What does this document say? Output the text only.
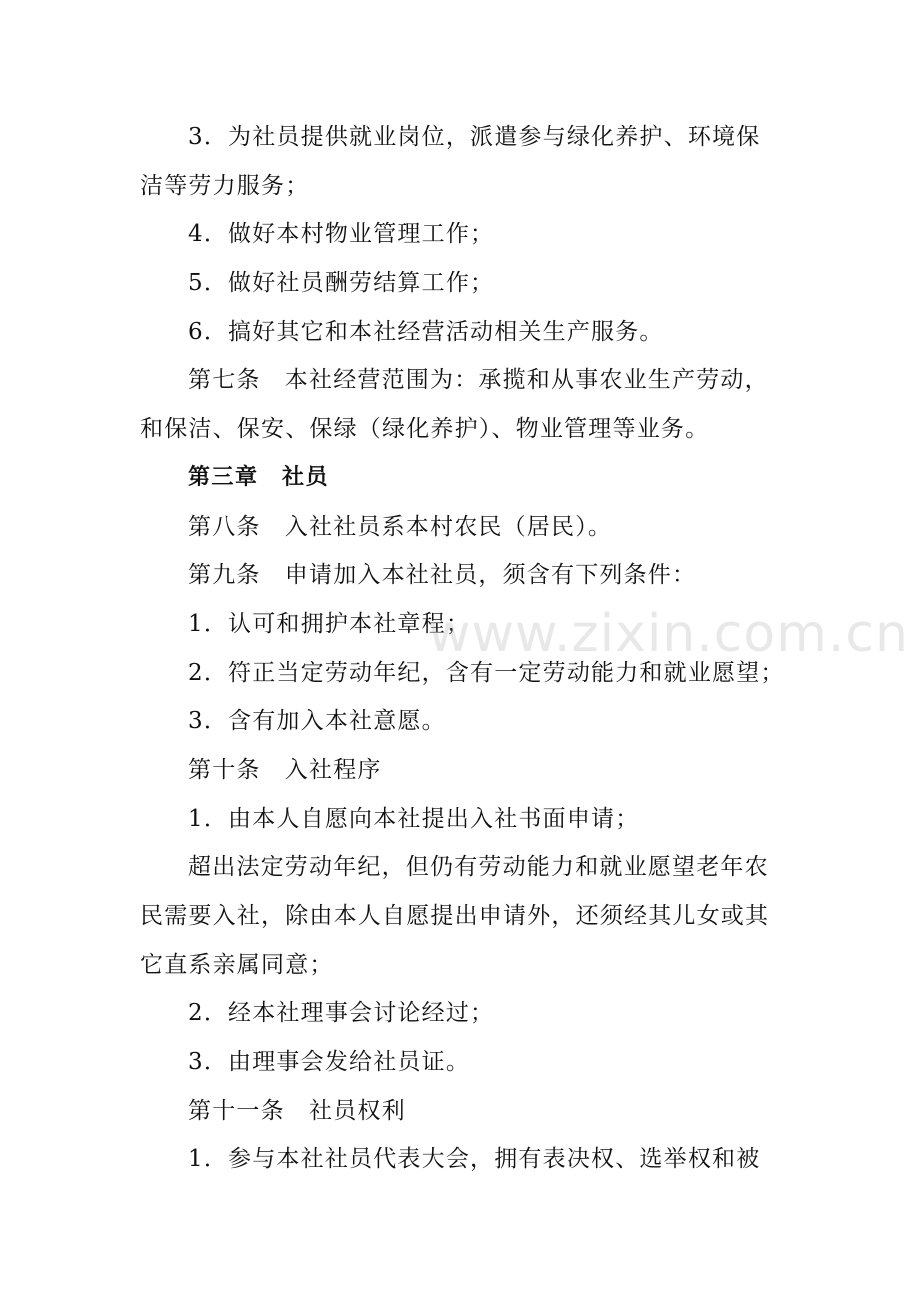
3．为社员提供就业岗位，派遣参与绿化养护、环境保
洁等劳力服务；
4．做好本村物业管理工作；
5．做好社员酬劳结算工作；
6．搞好其它和本社经营活动相关生产服务。
第七条　本社经营范围为：承揽和从事农业生产劳动，
和保洁、保安、保绿（绿化养护）、物业管理等业务。
第三章　社员
第八条　入社社员系本村农民（居民）。
第九条　申请加入本社社员，须含有下列条件：
1．认可和拥护本社章程；
2．符正当定劳动年纪，含有一定劳动能力和就业愿望；
3．含有加入本社意愿。
第十条　入社程序
1．由本人自愿向本社提出入社书面申请；
超出法定劳动年纪，但仍有劳动能力和就业愿望老年农
民需要入社，除由本人自愿提出申请外，还须经其儿女或其
它直系亲属同意；
2．经本社理事会讨论经过；
3．由理事会发给社员证。
第十一条　社员权利
1．参与本社社员代表大会，拥有表决权、选举权和被
www.zixin.com.cn
